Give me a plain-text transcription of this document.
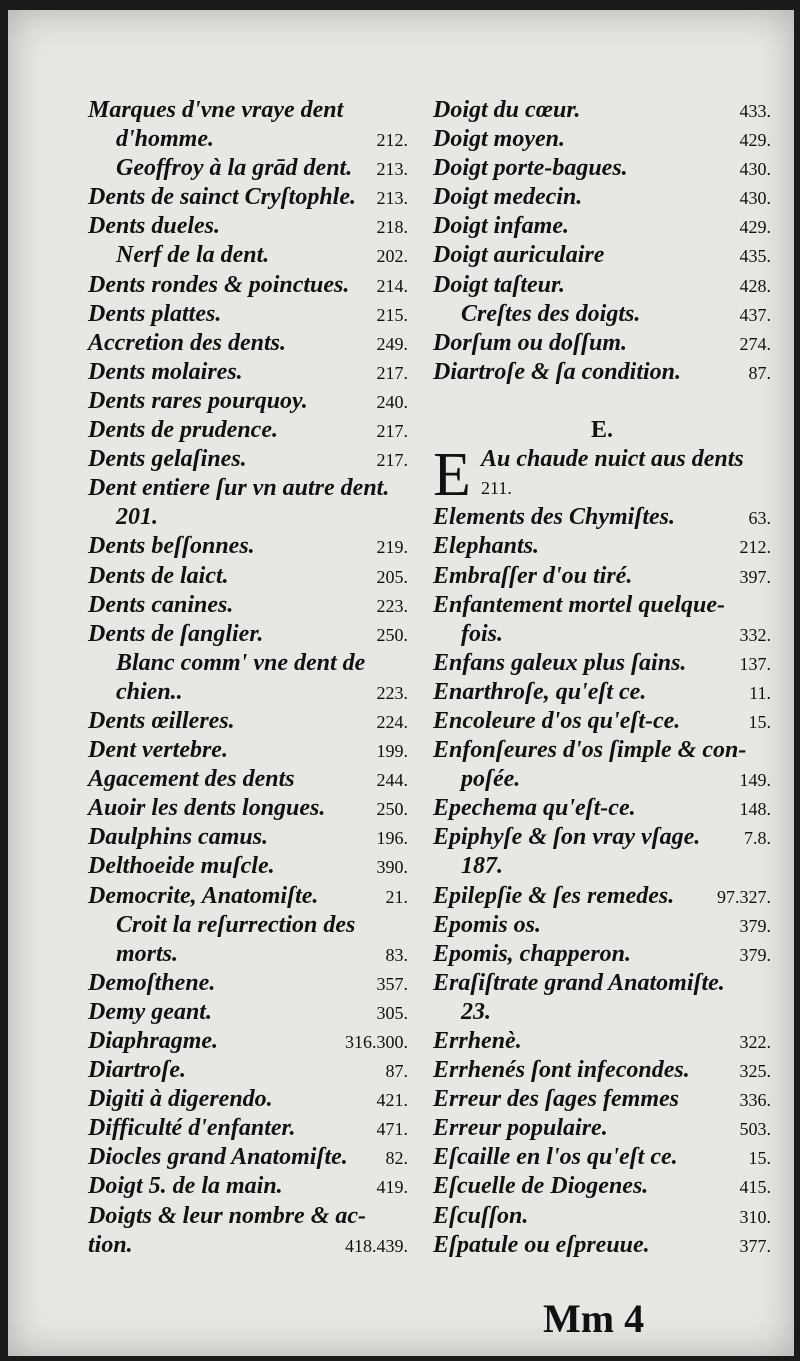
Marques d'vne vraye dent
d'homme.	212.
Geoffroy à la grād dent. 213.
Dents de sainct Cryſtophle. 213.
Dents dueles.	218.
Nerf de la dent.	202.
Dents rondes & poinctues. 214.
Dents plattes.	215.
Accretion des dents.	249.
Dents molaires.	217.
Dents rares pourquoy.	240.
Dents de prudence.	217.
Dents gelaſines.	217.
Dent entiere ſur vn autre dent.
201.
Dents beſſonnes.	219.
Dents de laict.	205.
Dents canines.	223.
Dents de ſanglier.	250.
Blanc comm' vne dent de
chien..	223.
Dents œilleres.	224.
Dent vertebre.	199.
Agacement des dents	244.
Auoir les dents longues.	250.
Daulphins camus.	196.
Delthoeide muſcle.	390.
Democrite, Anatomiſte.	21.
Croit la reſurrection des
morts.	83.
Demoſthene.	357.
Demy geant.	305.
Diaphragme.	316.300.
Diartroſe.	87.
Digiti à digerendo.	421.
Difficulté d'enfanter.	471.
Diocles grand Anatomiſte. 82.
Doigt 5. de la main.	419.
Doigts & leur nombre & ac-
tion.	418.439.
Doigt du cœur.	433.
Doigt moyen.	429.
Doigt porte-bagues.	430.
Doigt medecin.	430.
Doigt infame.	429.
Doigt auriculaire	435.
Doigt taſteur.	428.
Creſtes des doigts.	437.
Dorſum ou doſſum.	274.
Diartroſe & ſa condition.	87.
E.
E Au chaude nuict aus dents
211.
Elements des Chymiſtes.	63.
Elephants.	212.
Embraſſer d'ou tiré.	397.
Enfantement mortel quelque-
fois.	332.
Enfans galeux plus ſains.	137.
Enarthroſe, qu'eſt ce.	11.
Encoleure d'os qu'eſt-ce.	15.
Enfonſeures d'os ſimple & con-
poſée.	149.
Epechema qu'eſt-ce.	148.
Epiphyſe & ſon vray vſage. 7.8.
187.
Epilepſie & ſes remedes. 97.327.
Epomis os.	379.
Epomis, chapperon.	379.
Eraſiſtrate grand Anatomiſte.
23.
Errhenè.	322.
Errhenés ſont infecondes.	325.
Erreur des ſages femmes	336.
Erreur populaire.	503.
Eſcaille en l'os qu'eſt ce.	15.
Eſcuelle de Diogenes.	415.
Eſcuſſon.	310.
Eſpatule ou eſpreuue.	377.
Mm 4
